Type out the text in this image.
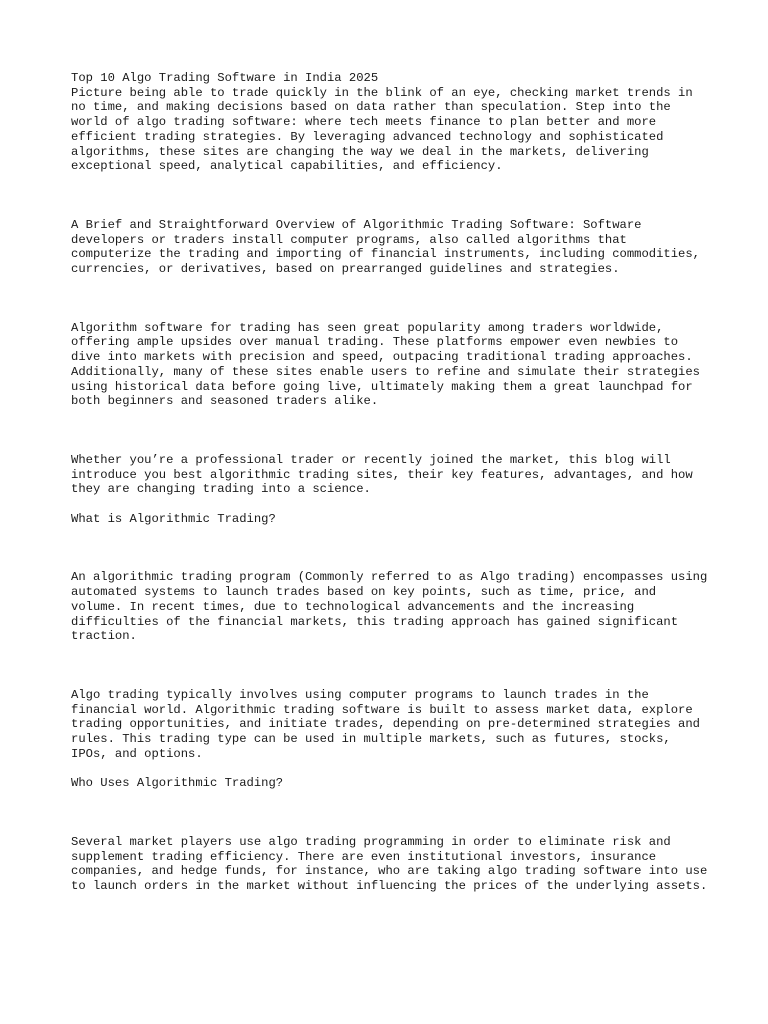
Top 10 Algo Trading Software in India 2025

Picture being able to trade quickly in the blink of an eye, checking market trends in no time, and making decisions based on data rather than speculation. Step into the world of algo trading software: where tech meets finance to plan better and more efficient trading strategies. By leveraging advanced technology and sophisticated algorithms, these sites are changing the way we deal in the markets, delivering exceptional speed, analytical capabilities, and efficiency.

A Brief and Straightforward Overview of Algorithmic Trading Software: Software developers or traders install computer programs, also called algorithms that computerize the trading and importing of financial instruments, including commodities, currencies, or derivatives, based on prearranged guidelines and strategies.

Algorithm software for trading has seen great popularity among traders worldwide, offering ample upsides over manual trading. These platforms empower even newbies to dive into markets with precision and speed, outpacing traditional trading approaches. Additionally, many of these sites enable users to refine and simulate their strategies using historical data before going live, ultimately making them a great launchpad for both beginners and seasoned traders alike.

Whether you’re a professional trader or recently joined the market, this blog will introduce you best algorithmic trading sites, their key features, advantages, and how they are changing trading into a science.

What is Algorithmic Trading?

An algorithmic trading program (Commonly referred to as Algo trading) encompasses using automated systems to launch trades based on key points, such as time, price, and volume. In recent times, due to technological advancements and the increasing difficulties of the financial markets, this trading approach has gained significant traction.

Algo trading typically involves using computer programs to launch trades in the financial world. Algorithmic trading software is built to assess market data, explore trading opportunities, and initiate trades, depending on pre-determined strategies and rules. This trading type can be used in multiple markets, such as futures, stocks, IPOs, and options.

Who Uses Algorithmic Trading?

Several market players use algo trading programming in order to eliminate risk and supplement trading efficiency. There are even institutional investors, insurance companies, and hedge funds, for instance, who are taking algo trading software into use to launch orders in the market without influencing the prices of the underlying assets.
